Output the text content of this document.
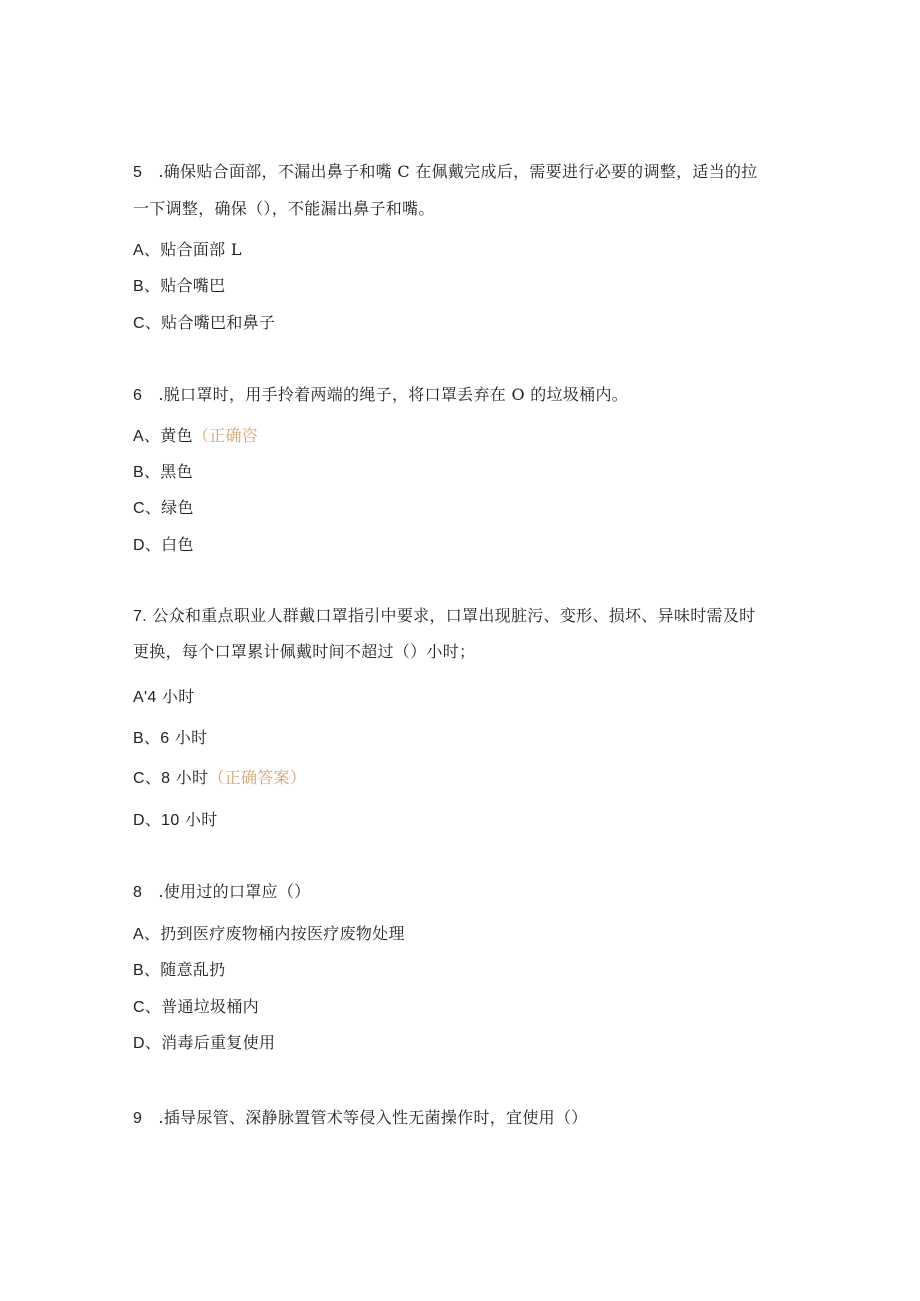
5 .确保贴合面部，不漏出鼻子和嘴 C 在佩戴完成后，需要进行必要的调整，适当的拉
一下调整，确保（），不能漏出鼻子和嘴。
A、贴合面部 L
B、贴合嘴巴
C、贴合嘴巴和鼻子
6 .脱口罩时，用手拎着两端的绳子，将口罩丢弃在 O 的垃圾桶内。
A、黄色（正确咨
B、黑色
C、绿色
D、白色
7. 公众和重点职业人群戴口罩指引中要求，口罩出现脏污、变形、损坏、异味时需及时
更换，每个口罩累计佩戴时间不超过（）小时；
A'4 小时
B、6 小时
C、8 小时（正确答案）
D、10 小时
8 .使用过的口罩应（）
A、扔到医疗废物桶内按医疗废物处理
B、随意乱扔
C、普通垃圾桶内
D、消毒后重复使用
9 .插导尿管、深静脉置管术等侵入性无菌操作时，宜使用（）
